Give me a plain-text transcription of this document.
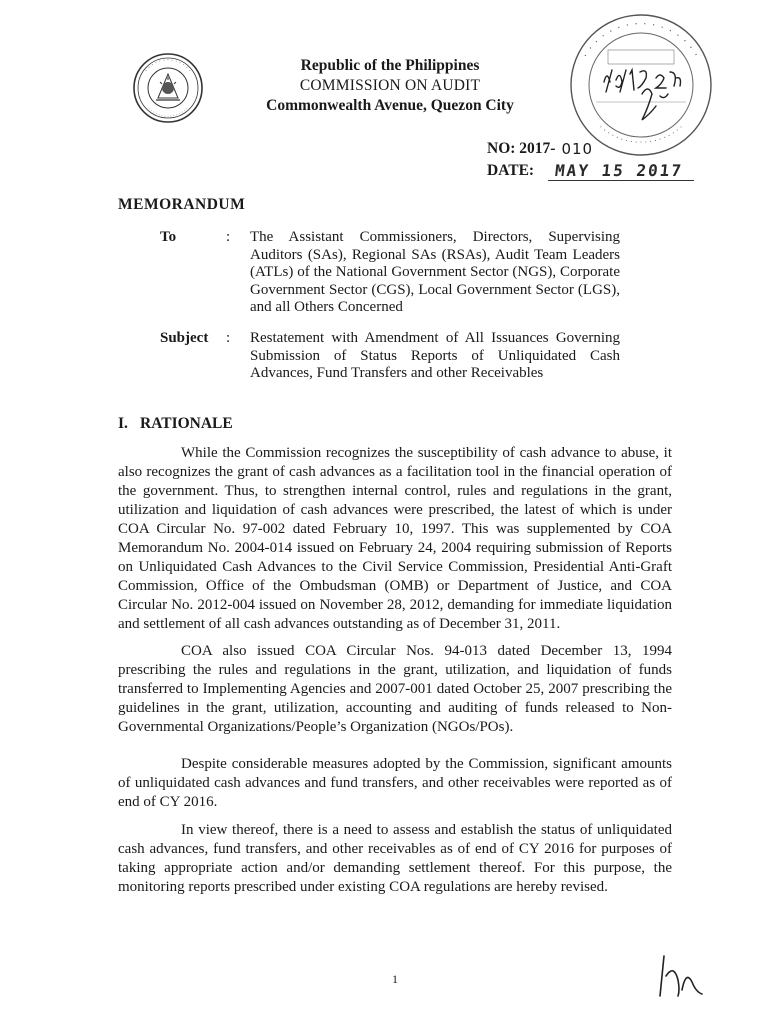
· · · · · · · · · · · · ·
· · · · · · · · · · · · · · ·
Republic of the Philippines
COMMISSION ON AUDIT
Commonwealth Avenue, Quezon City
· · · · · · · · · · · · · · · ·
· · · · · · · · · · · · · · · · · · ·
NO: 2017- 010
DATE:	MAY 15 2017
MEMORANDUM
To	:	The Assistant Commissioners, Directors, Supervising Auditors (SAs), Regional SAs (RSAs), Audit Team Leaders (ATLs) of the National Government Sector (NGS), Corporate Government Sector (CGS), Local Government Sector (LGS), and all Others Concerned
Subject	:	Restatement with Amendment of All Issuances Governing Submission of Status Reports of Unliquidated Cash Advances, Fund Transfers and other Receivables
I. RATIONALE

While the Commission recognizes the susceptibility of cash advance to abuse, it also recognizes the grant of cash advances as a facilitation tool in the financial operation of the government. Thus, to strengthen internal control, rules and regulations in the grant, utilization and liquidation of cash advances were prescribed, the latest of which is under COA Circular No. 97-002 dated February 10, 1997. This was supplemented by COA Memorandum No. 2004-014 issued on February 24, 2004 requiring submission of Reports on Unliquidated Cash Advances to the Civil Service Commission, Presidential Anti-Graft Commission, Office of the Ombudsman (OMB) or Department of Justice, and COA Circular No. 2012-004 issued on November 28, 2012, demanding for immediate liquidation and settlement of all cash advances outstanding as of December 31, 2011.

COA also issued COA Circular Nos. 94-013 dated December 13, 1994 prescribing the rules and regulations in the grant, utilization, and liquidation of funds transferred to Implementing Agencies and 2007-001 dated October 25, 2007 prescribing the guidelines in the grant, utilization, accounting and auditing of funds released to Non-Governmental Organizations/People’s Organization (NGOs/POs).

Despite considerable measures adopted by the Commission, significant amounts of unliquidated cash advances and fund transfers, and other receivables were reported as of end of CY 2016.

In view thereof, there is a need to assess and establish the status of unliquidated cash advances, fund transfers, and other receivables as of end of CY 2016 for purposes of taking appropriate action and/or demanding settlement thereof. For this purpose, the monitoring reports prescribed under existing COA regulations are hereby revised.

1
